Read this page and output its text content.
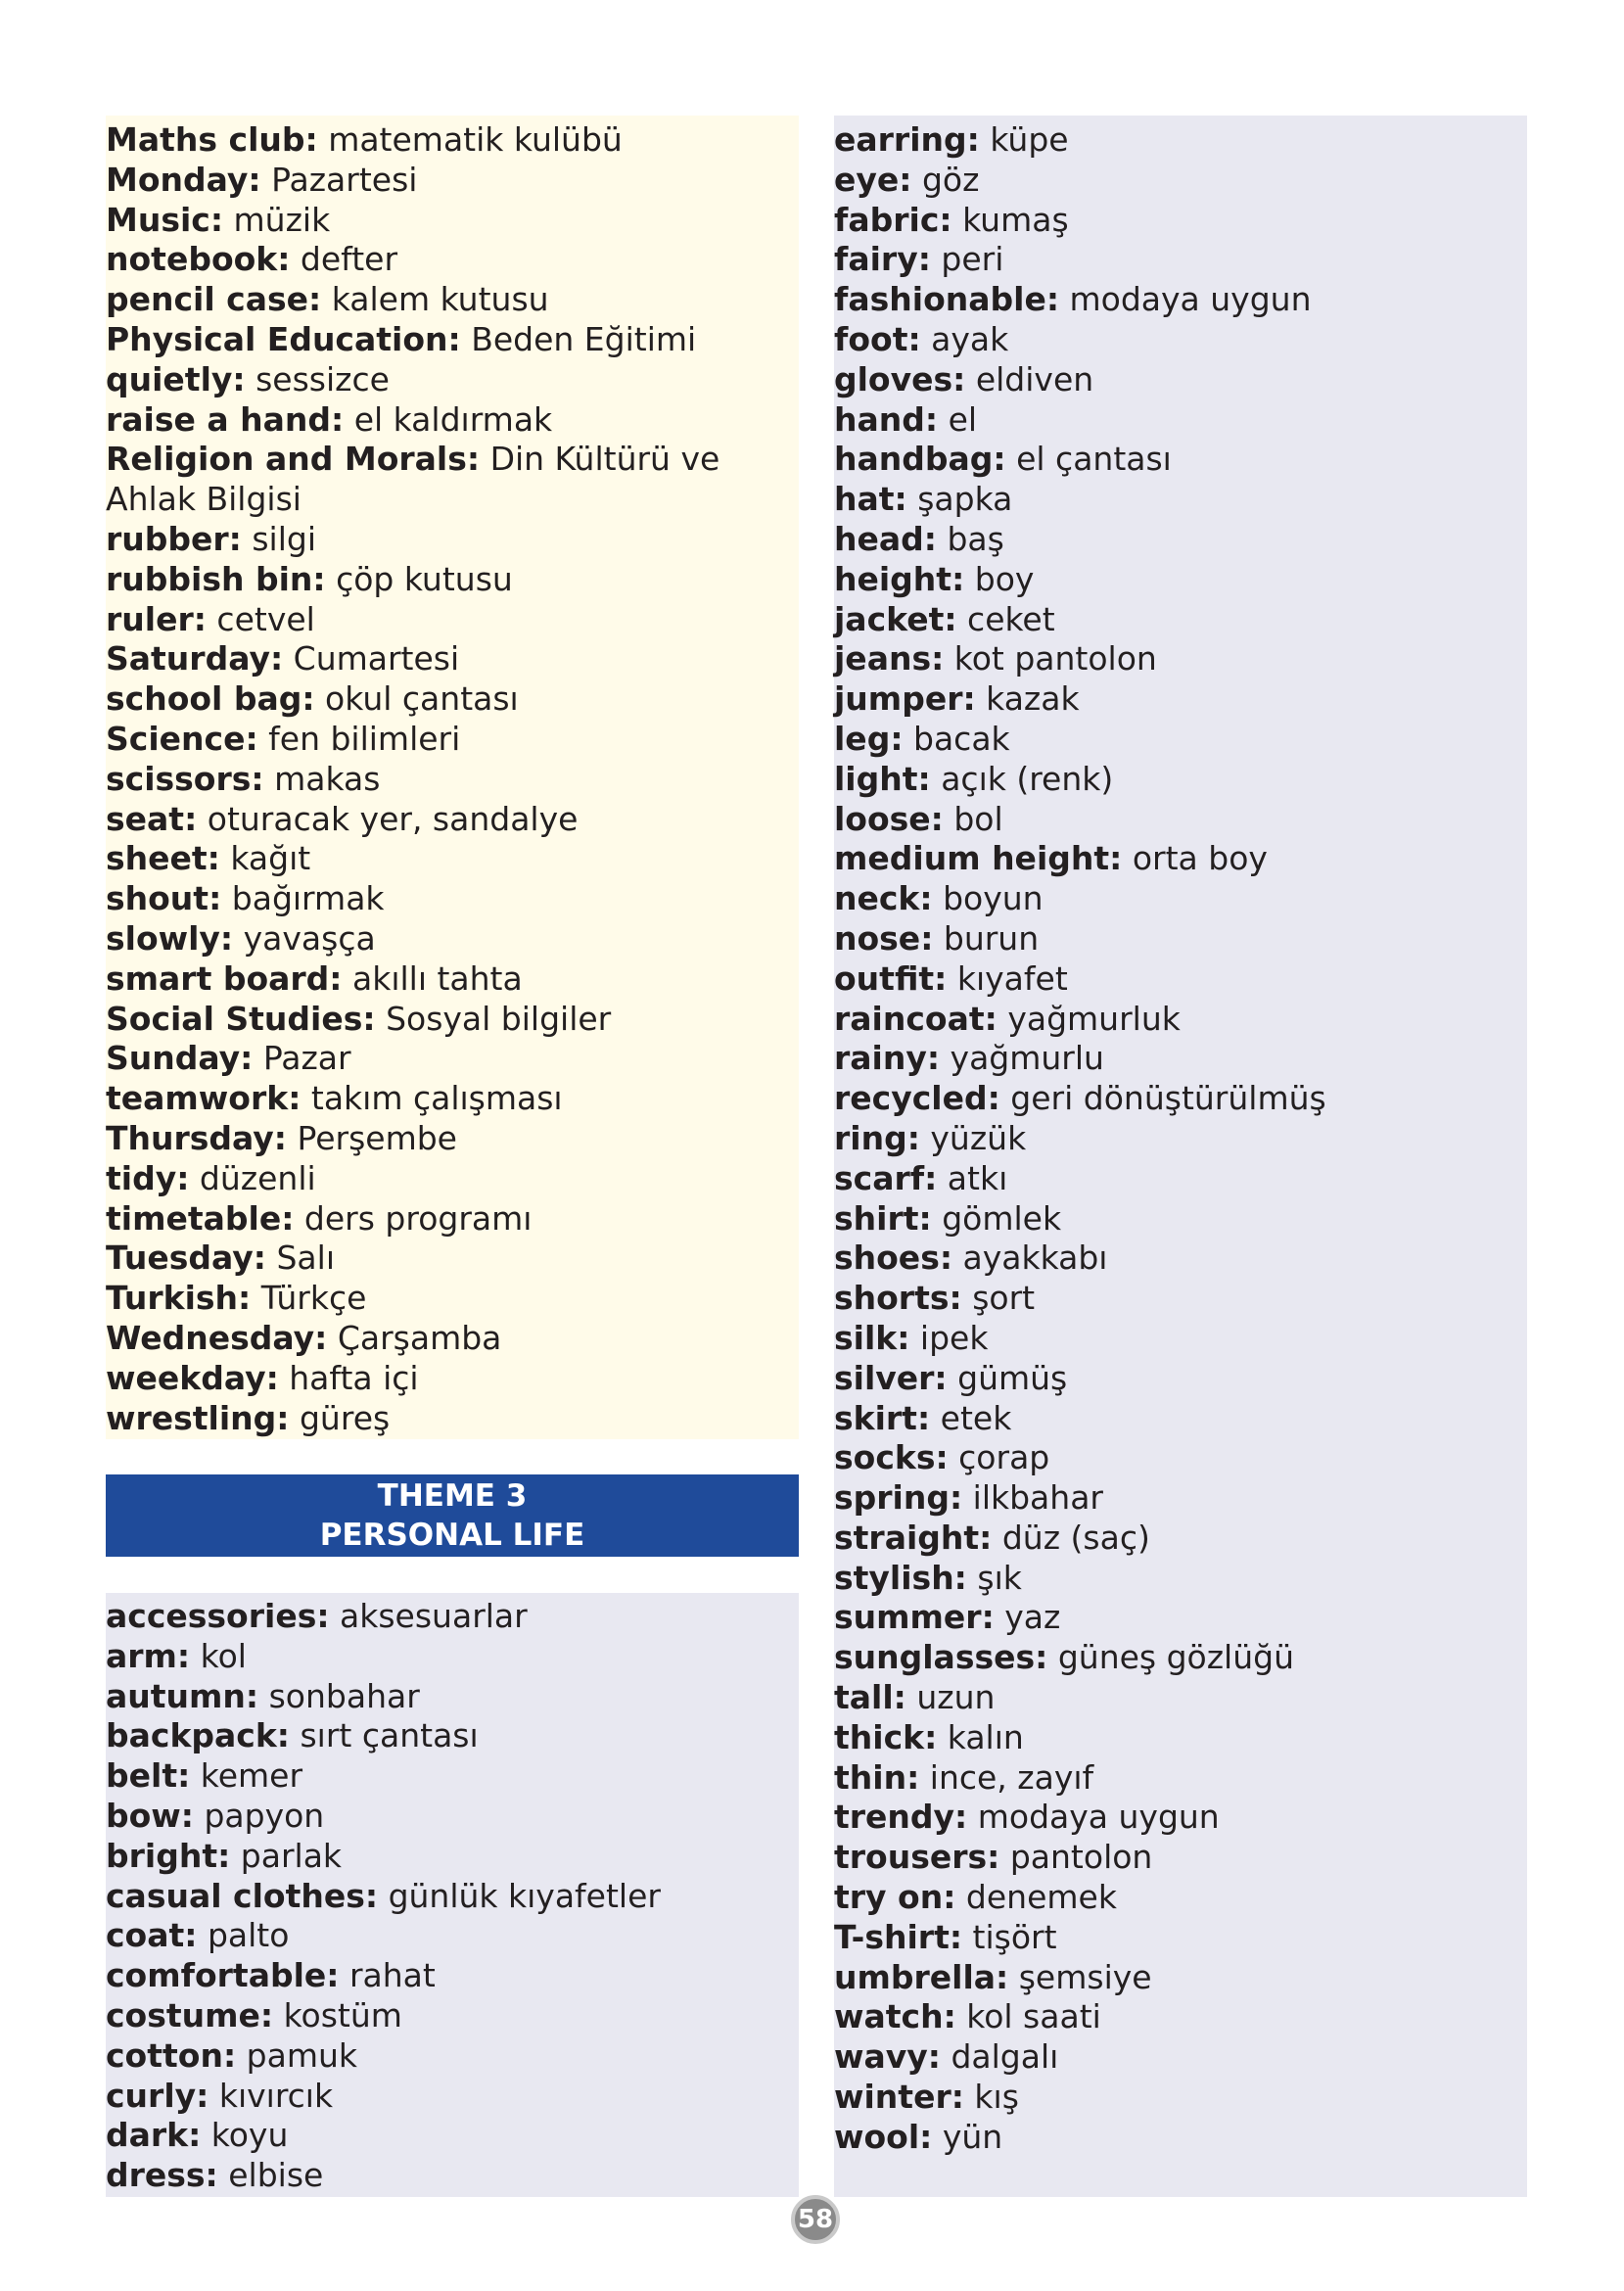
Maths club: matematik kulübü
Monday: Pazartesi
Music: müzik
notebook: defter
pencil case: kalem kutusu
Physical Education: Beden Eğitimi
quietly: sessizce
raise a hand: el kaldırmak
Religion and Morals: Din Kültürü ve Ahlak Bilgisi
rubber: silgi
rubbish bin: çöp kutusu
ruler: cetvel
Saturday: Cumartesi
school bag: okul çantası
Science: fen bilimleri
scissors: makas
seat: oturacak yer, sandalye
sheet: kağıt
shout: bağırmak
slowly: yavaşça
smart board: akıllı tahta
Social Studies: Sosyal bilgiler
Sunday: Pazar
teamwork: takım çalışması
Thursday: Perşembe
tidy: düzenli
timetable: ders programı
Tuesday: Salı
Turkish: Türkçe
Wednesday: Çarşamba
weekday: hafta içi
wrestling: güreş
THEME 3
PERSONAL LIFE
accessories: aksesuarlar
arm: kol
autumn: sonbahar
backpack: sırt çantası
belt: kemer
bow: papyon
bright: parlak
casual clothes: günlük kıyafetler
coat: palto
comfortable: rahat
costume: kostüm
cotton: pamuk
curly: kıvırcık
dark: koyu
dress: elbise
earring: küpe
eye: göz
fabric: kumaş
fairy: peri
fashionable: modaya uygun
foot: ayak
gloves: eldiven
hand: el
handbag: el çantası
hat: şapka
head: baş
height: boy
jacket: ceket
jeans: kot pantolon
jumper: kazak
leg: bacak
light: açık (renk)
loose: bol
medium height: orta boy
neck: boyun
nose: burun
outfit: kıyafet
raincoat: yağmurluk
rainy: yağmurlu
recycled: geri dönüştürülmüş
ring: yüzük
scarf: atkı
shirt: gömlek
shoes: ayakkabı
shorts: şort
silk: ipek
silver: gümüş
skirt: etek
socks: çorap
spring: ilkbahar
straight: düz (saç)
stylish: şık
summer: yaz
sunglasses: güneş gözlüğü
tall: uzun
thick: kalın
thin: ince, zayıf
trendy: modaya uygun
trousers: pantolon
try on: denemek
T-shirt: tişört
umbrella: şemsiye
watch: kol saati
wavy: dalgalı
winter: kış
wool: yün
58
